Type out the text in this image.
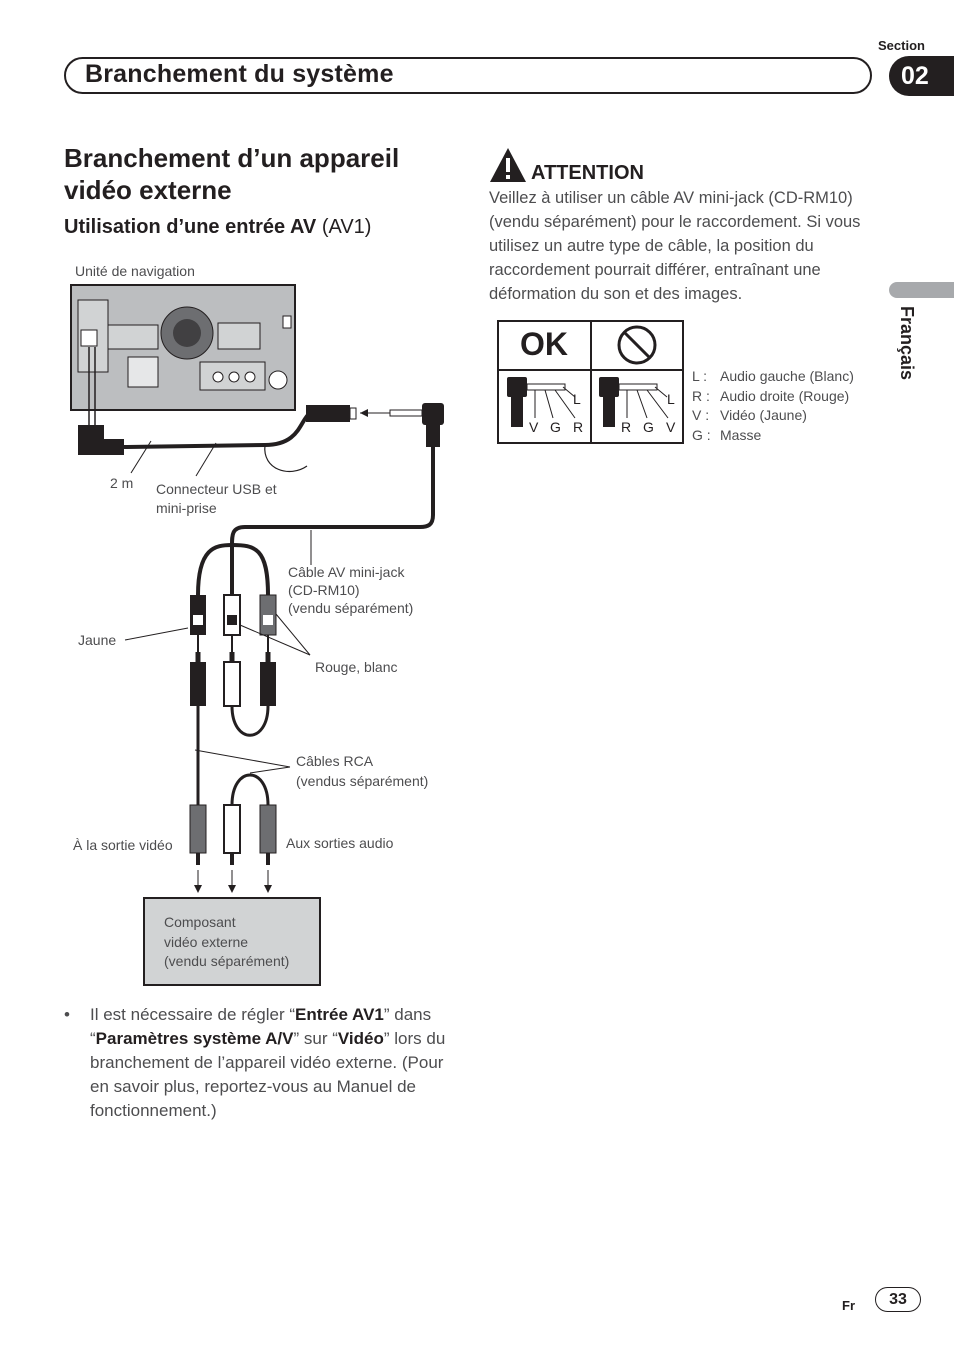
Section
Branchement du système	02
Français
Branchement d’un appareil vidéo externe
Utilisation d’une entrée AV (AV1)
Unité de navigation
2 m Connecteur USB et
mini-prise
Câble AV mini-jack
(CD-RM10)
(vendu séparément)
Jaune
Rouge, blanc
Câbles RCA
(vendus séparément)
À la sortie vidéo	Aux sorties audio
Composant
vidéo externe
(vendu séparément)
ATTENTION
Veillez à utiliser un câble AV mini-jack (CD-RM10) (vendu séparément) pour le raccordement. Si vous utilisez un autre type de câble, la position du raccordement pourrait différer, entraînant une déformation du son et des images.
OK
L
V G R
L
R G V
L : Audio gauche (Blanc)
R : Audio droite (Rouge)
V : Vidéo (Jaune)
G : Masse
• Il est nécessaire de régler “Entrée AV1” dans “Paramètres système A/V” sur “Vidéo” lors du branchement de l’appareil vidéo externe. (Pour en savoir plus, reportez-vous au Manuel de fonctionnement.)
Fr	33
